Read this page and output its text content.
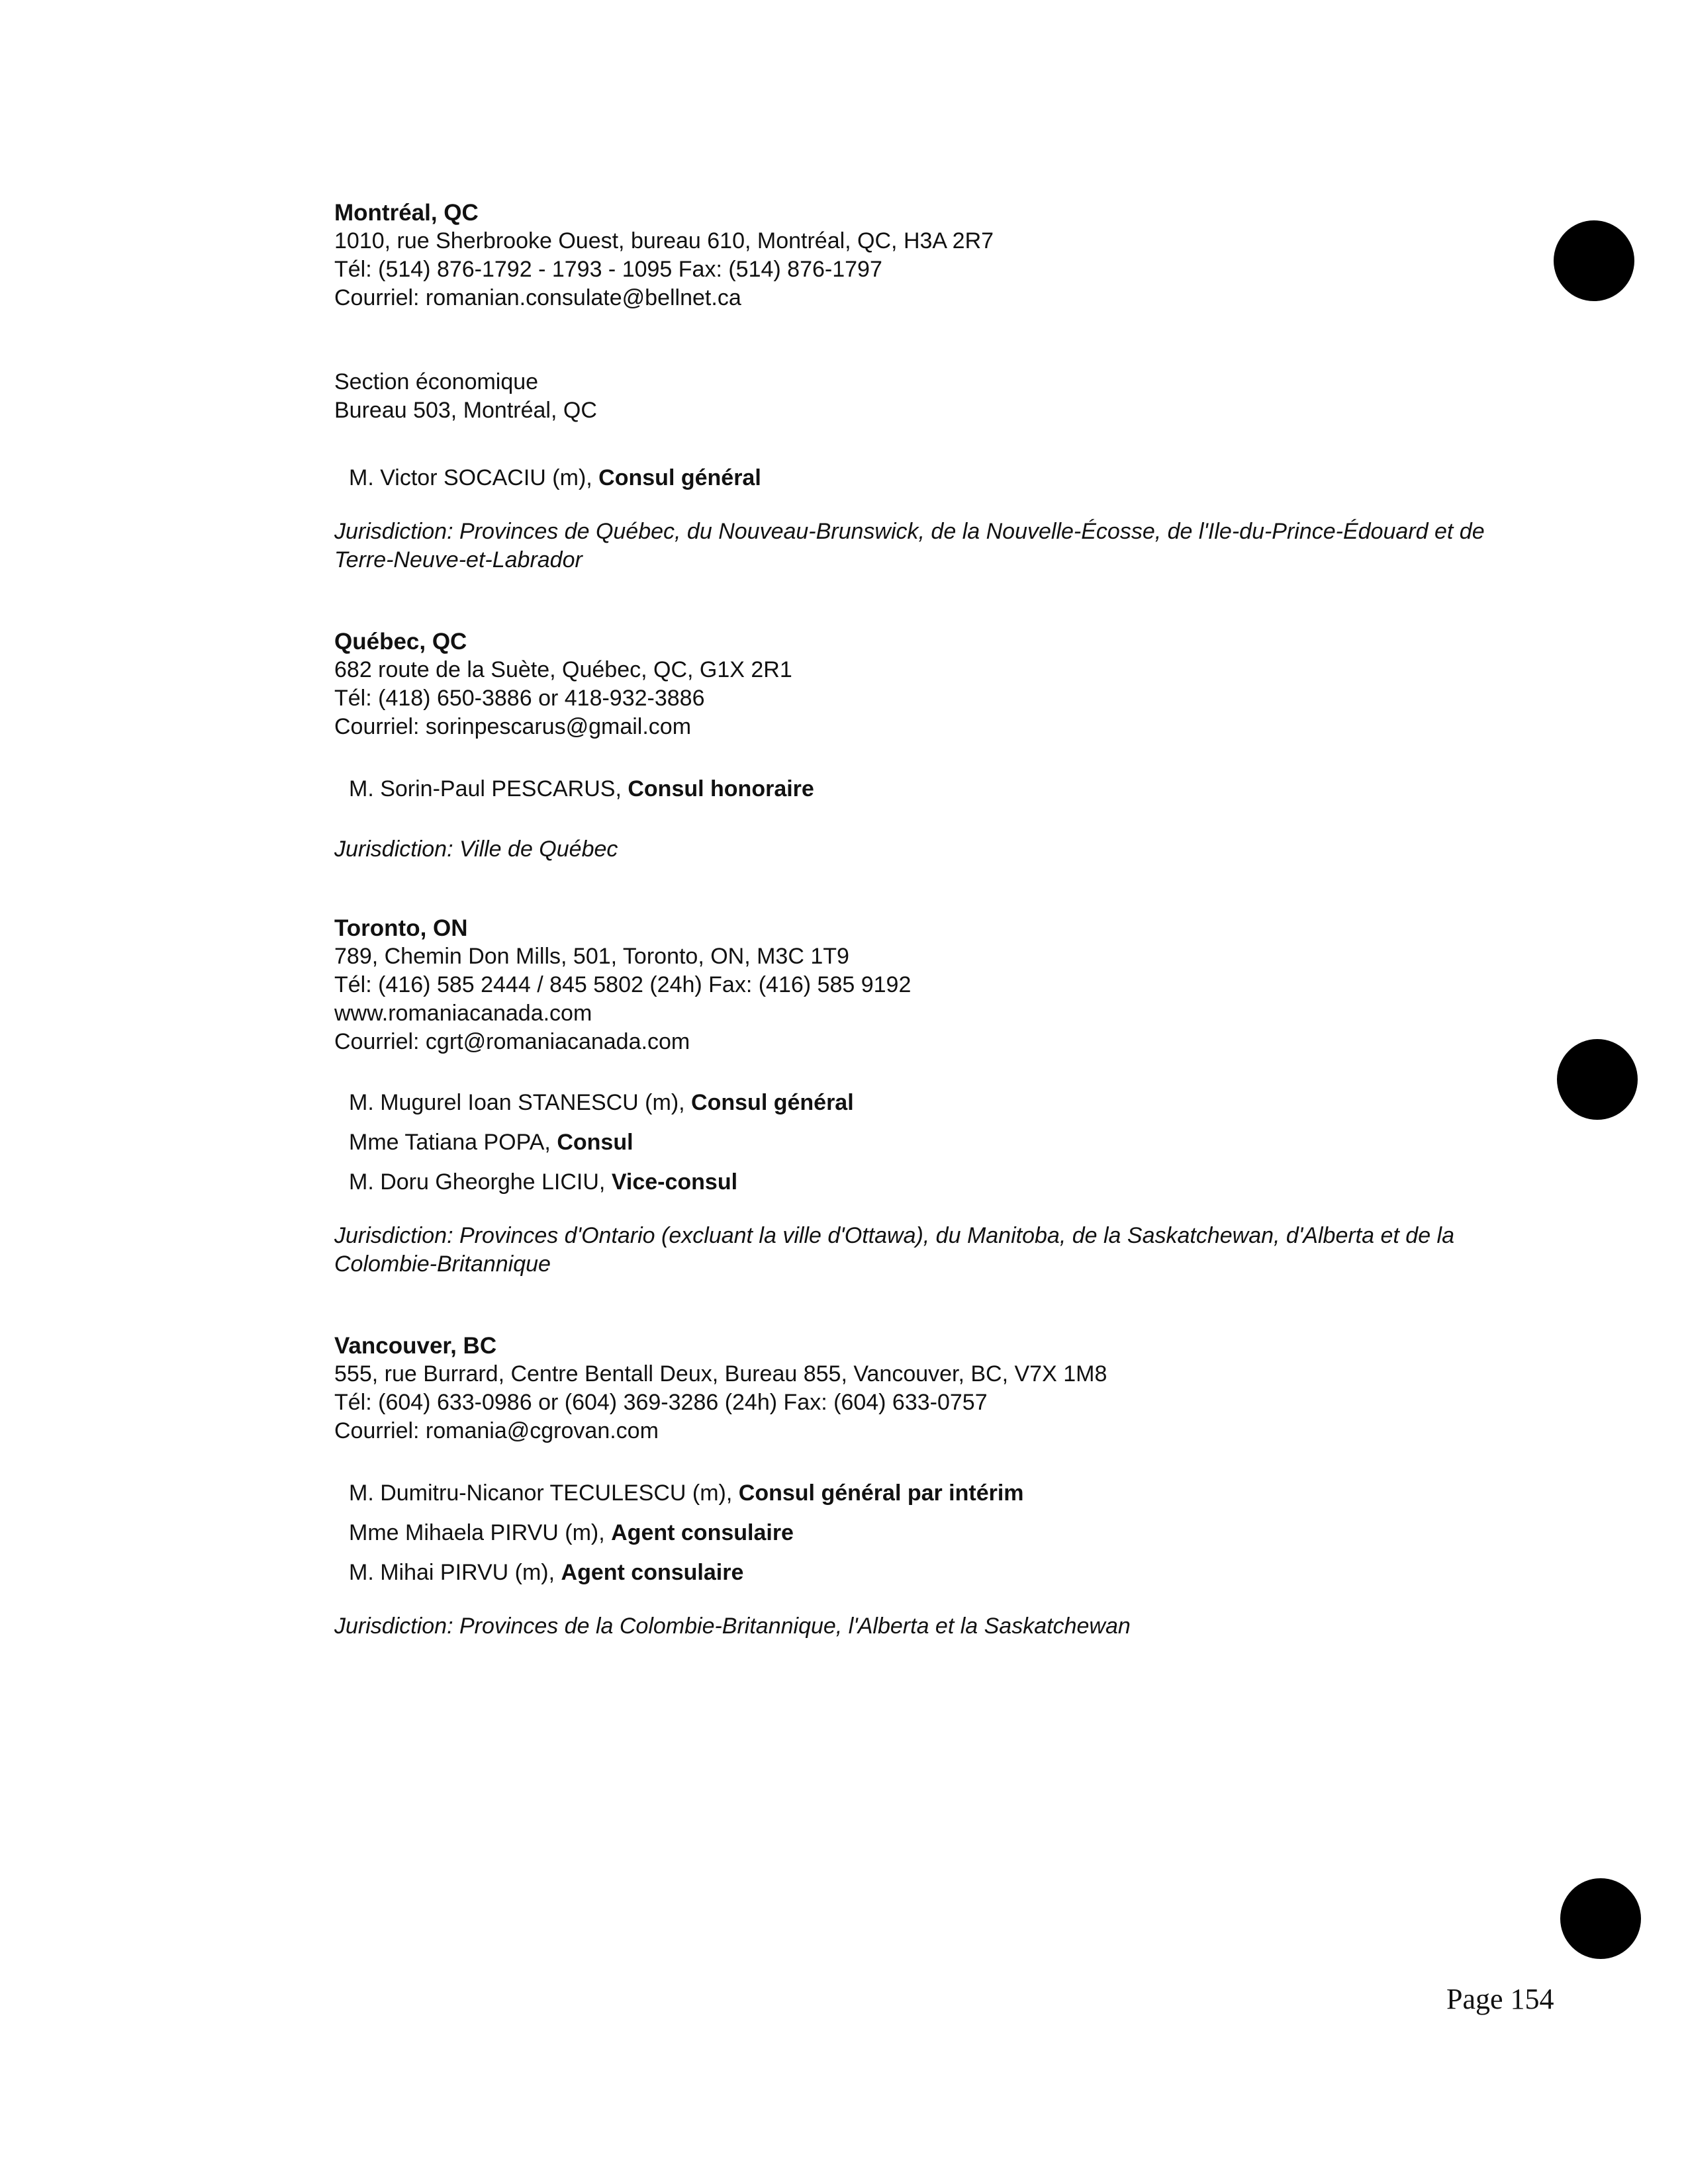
Montréal, QC
1010, rue Sherbrooke Ouest, bureau 610, Montréal, QC, H3A 2R7
Tél: (514) 876-1792 - 1793 - 1095 Fax: (514) 876-1797
Courriel: romanian.consulate@bellnet.ca
Section économique
Bureau 503, Montréal, QC
M. Victor SOCACIU (m), Consul général
Jurisdiction: Provinces de Québec, du Nouveau-Brunswick, de la Nouvelle-Écosse, de l'Ile-du-Prince-Édouard et de Terre-Neuve-et-Labrador
Québec, QC
682 route de la Suète, Québec, QC, G1X 2R1
Tél: (418) 650-3886 or 418-932-3886
Courriel: sorinpescarus@gmail.com
M. Sorin-Paul PESCARUS, Consul honoraire
Jurisdiction: Ville de Québec
Toronto, ON
789, Chemin Don Mills, 501, Toronto, ON, M3C 1T9
Tél: (416) 585 2444 / 845 5802 (24h) Fax: (416) 585 9192
www.romaniacanada.com
Courriel: cgrt@romaniacanada.com
M. Mugurel Ioan STANESCU (m), Consul général
Mme Tatiana POPA, Consul
M. Doru Gheorghe LICIU, Vice-consul
Jurisdiction: Provinces d'Ontario (excluant la ville d'Ottawa), du Manitoba, de la Saskatchewan, d'Alberta et de la Colombie-Britannique
Vancouver, BC
555, rue Burrard, Centre Bentall Deux, Bureau 855, Vancouver, BC, V7X 1M8
Tél: (604) 633-0986 or (604) 369-3286 (24h) Fax: (604) 633-0757
Courriel: romania@cgrovan.com
M. Dumitru-Nicanor TECULESCU (m), Consul général par intérim
Mme Mihaela PIRVU (m), Agent consulaire
M. Mihai PIRVU (m), Agent consulaire
Jurisdiction: Provinces de la Colombie-Britannique, l'Alberta et la Saskatchewan
Page 154
